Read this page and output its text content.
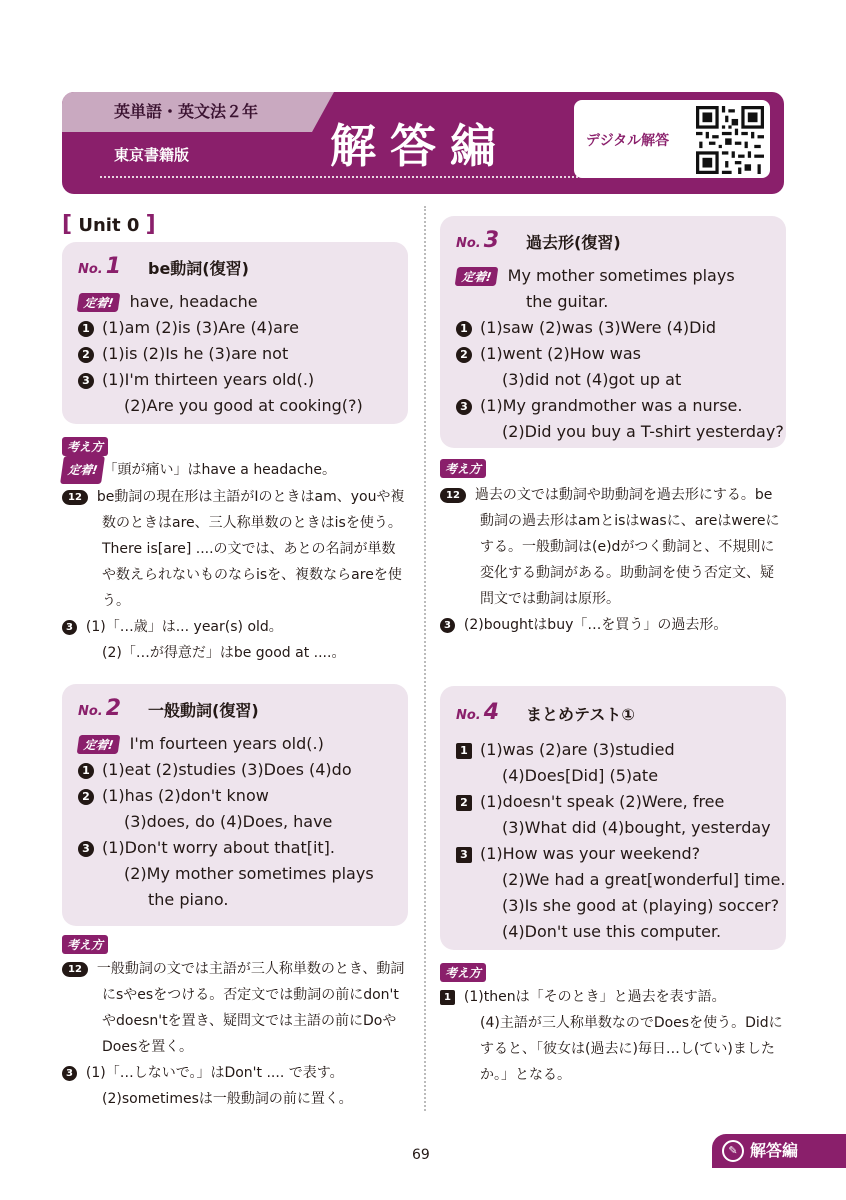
英単語・英文法２年
東京書籍版	解答編	デジタル解答
[ Unit 0 ]
No. 1 be動詞(復習)
定着! have, headache
1 (1)am (2)is (3)Are (4)are
2 (1)is (2)Is he (3)are not
3 (1)I'm thirteen years old(.)
(2)Are you good at cooking(?)
考え方

定着! 「頭が痛い」はhave a headache。

12 be動詞の現在形は主語がIのときはam、youや複数のときはare、三人称単数のときはisを使う。There is[are] ....の文では、あとの名詞が単数や数えられないものならisを、複数ならareを使う。

3 (1)「…歳」は... year(s) old。

(2)「…が得意だ」はbe good at ....。

No. 2 一般動詞(復習)
定着! I'm fourteen years old(.)
1 (1)eat (2)studies (3)Does (4)do
2 (1)has (2)don't know
(3)does, do (4)Does, have
3 (1)Don't worry about that[it].
(2)My mother sometimes plays
the piano.
考え方

12 一般動詞の文では主語が三人称単数のとき、動詞にsやesをつける。否定文では動詞の前にdon'tやdoesn'tを置き、疑問文では主語の前にDoやDoesを置く。

3 (1)「…しないで。」はDon't .... で表す。

(2)sometimesは一般動詞の前に置く。

No. 3 過去形(復習)
定着! My mother sometimes plays
the guitar.
1 (1)saw (2)was (3)Were (4)Did
2 (1)went (2)How was
(3)did not (4)got up at
3 (1)My grandmother was a nurse.
(2)Did you buy a T-shirt yesterday?
考え方

12 過去の文では動詞や助動詞を過去形にする。be動詞の過去形はamとisはwasに、areはwereにする。一般動詞は(e)dがつく動詞と、不規則に変化する動詞がある。助動詞を使う否定文、疑問文では動詞は原形。

3 (2)boughtはbuy「…を買う」の過去形。

No. 4 まとめテスト①
1 (1)was (2)are (3)studied
(4)Does[Did] (5)ate
2 (1)doesn't speak (2)Were, free
(3)What did (4)bought, yesterday
3 (1)How was your weekend?
(2)We had a great[wonderful] time.
(3)Is she good at (playing) soccer?
(4)Don't use this computer.
考え方

1 (1)thenは「そのとき」と過去を表す語。

(4)主語が三人称単数なのでDoesを使う。Didにすると、「彼女は(過去に)毎日…し(てい)ましたか。」となる。

69	✎ 解答編
